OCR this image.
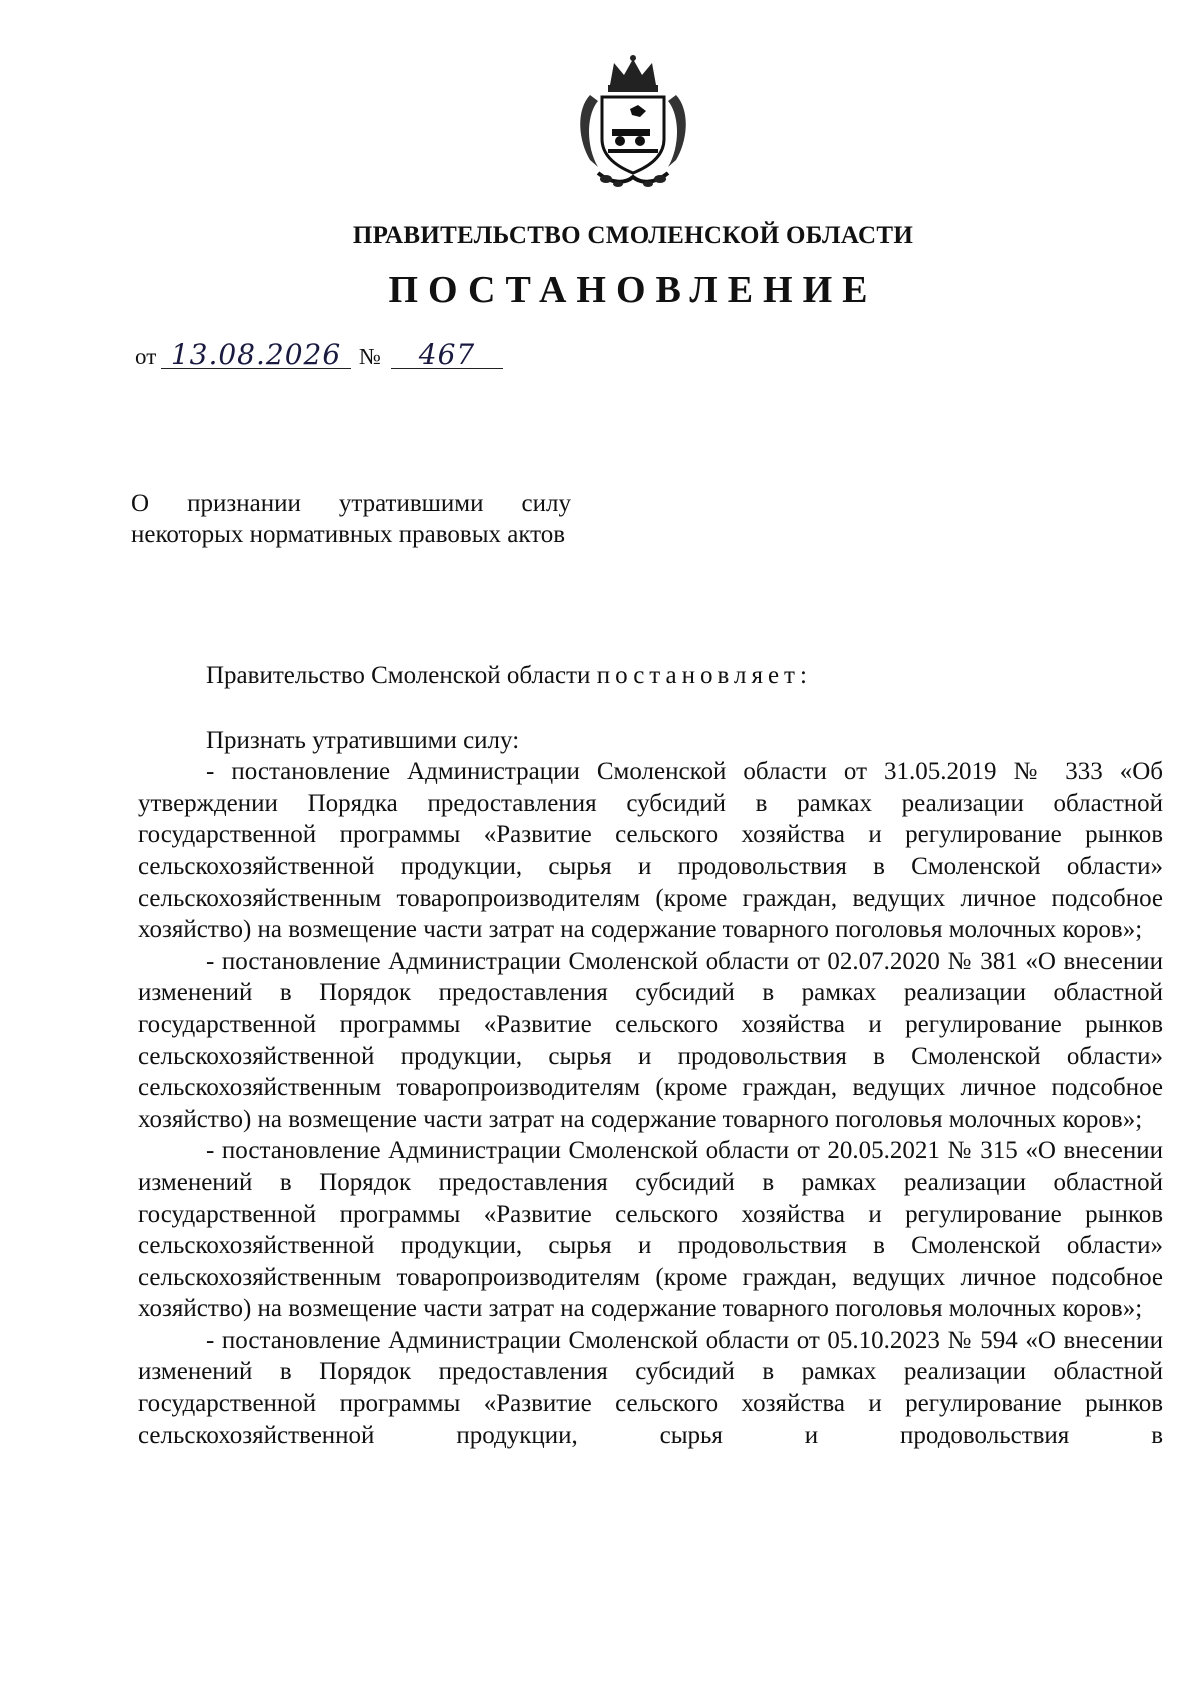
ПРАВИТЕЛЬСТВО СМОЛЕНСКОЙ ОБЛАСТИ
ПОСТАНОВЛЕНИЕ
от 13.08.2026 №	467
О признании утратившими силу некоторых нормативных правовых актов

Правительство Смоленской области постановляет:

Признать утратившими силу:

- постановление Администрации Смоленской области от 31.05.2019 № 333 «Об утверждении Порядка предоставления субсидий в рамках реализации областной государственной программы «Развитие сельского хозяйства и регулирование рынков сельскохозяйственной продукции, сырья и продовольствия в Смоленской области» сельскохозяйственным товаропроизводителям (кроме граждан, ведущих личное подсобное хозяйство) на возмещение части затрат на содержание товарного поголовья молочных коров»;

- постановление Администрации Смоленской области от 02.07.2020 № 381 «О внесении изменений в Порядок предоставления субсидий в рамках реализации областной государственной программы «Развитие сельского хозяйства и регулирование рынков сельскохозяйственной продукции, сырья и продовольствия в Смоленской области» сельскохозяйственным товаропроизводителям (кроме граждан, ведущих личное подсобное хозяйство) на возмещение части затрат на содержание товарного поголовья молочных коров»;

- постановление Администрации Смоленской области от 20.05.2021 № 315 «О внесении изменений в Порядок предоставления субсидий в рамках реализации областной государственной программы «Развитие сельского хозяйства и регулирование рынков сельскохозяйственной продукции, сырья и продовольствия в Смоленской области» сельскохозяйственным товаропроизводителям (кроме граждан, ведущих личное подсобное хозяйство) на возмещение части затрат на содержание товарного поголовья молочных коров»;

- постановление Администрации Смоленской области от 05.10.2023 № 594 «О внесении изменений в Порядок предоставления субсидий в рамках реализации областной государственной программы «Развитие сельского хозяйства и регулирование рынков сельскохозяйственной продукции, сырья и продовольствия в
